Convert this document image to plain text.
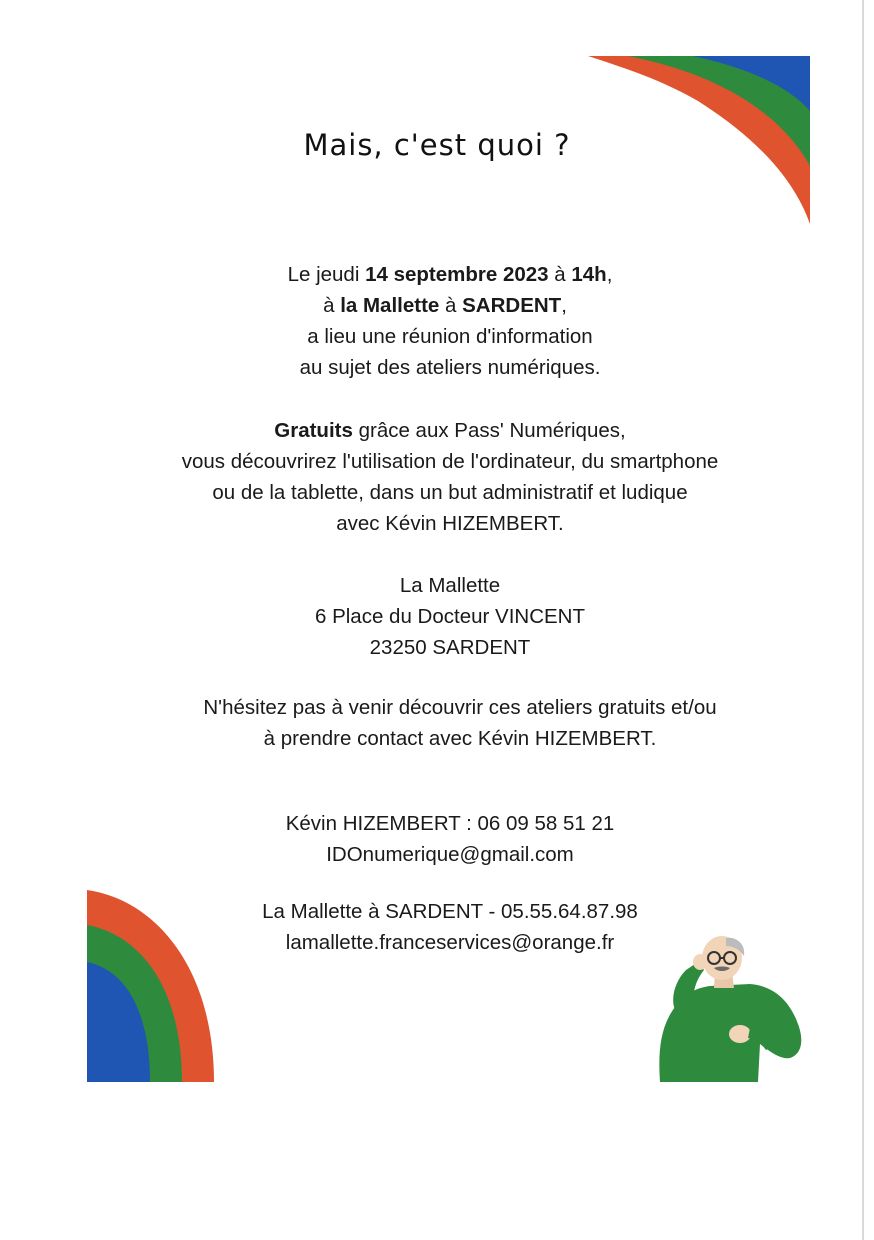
Mais, c'est quoi ?
Le jeudi 14 septembre 2023 à 14h,
à la Mallette à SARDENT,
a lieu une réunion d'information
au sujet des ateliers numériques.
Gratuits grâce aux Pass' Numériques,
vous découvrirez l'utilisation de l'ordinateur, du smartphone
ou de la tablette, dans un but administratif et ludique
avec Kévin HIZEMBERT.
La Mallette
6 Place du Docteur VINCENT
23250 SARDENT
N'hésitez pas à venir découvrir ces ateliers gratuits et/ou
à prendre contact avec Kévin HIZEMBERT.
Kévin HIZEMBERT : 06 09 58 51 21
IDOnumerique@gmail.com
La Mallette à SARDENT - 05.55.64.87.98
lamallette.franceservices@orange.fr
